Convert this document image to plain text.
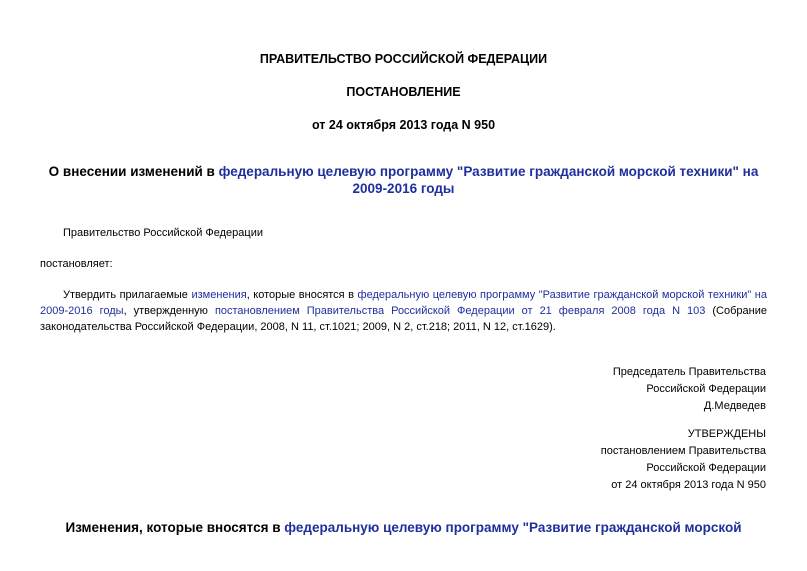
ПРАВИТЕЛЬСТВО РОССИЙСКОЙ ФЕДЕРАЦИИ
ПОСТАНОВЛЕНИЕ
от 24 октября 2013 года N 950
О внесении изменений в федеральную целевую программу "Развитие гражданской морской техники" на 2009-2016 годы
Правительство Российской Федерации
постановляет:
Утвердить прилагаемые изменения, которые вносятся в федеральную целевую программу "Развитие гражданской морской техники" на 2009-2016 годы, утвержденную постановлением Правительства Российской Федерации от 21 февраля 2008 года N 103 (Собрание законодательства Российской Федерации, 2008, N 11, ст.1021; 2009, N 2, ст.218; 2011, N 12, ст.1629).
Председатель Правительства
Российской Федерации
Д.Медведев
УТВЕРЖДЕНЫ
постановлением Правительства
Российской Федерации
от 24 октября 2013 года N 950
Изменения, которые вносятся в федеральную целевую программу "Развитие гражданской морской
